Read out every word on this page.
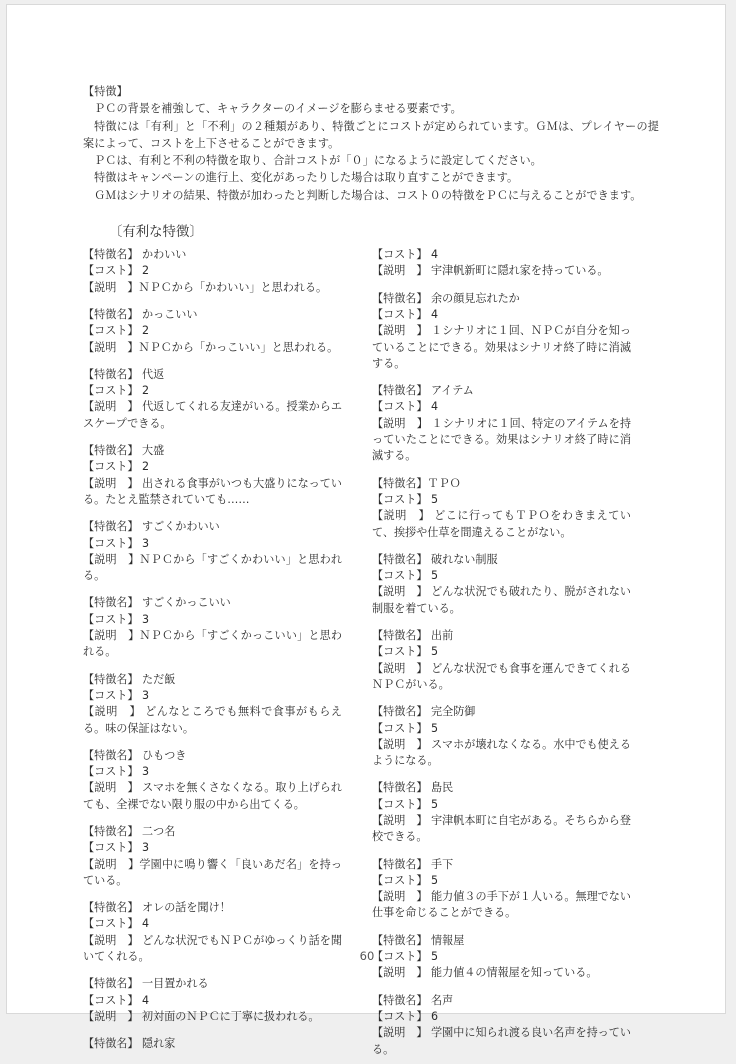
【特徴】

ＰＣの背景を補強して、キャラクターのイメージを膨らませる要素です。

特徴には「有利」と「不利」の２種類があり、特徴ごとにコストが定められています。ＧＭは、プレイヤーの提案によって、コストを上下させることができます。

ＰＣは、有利と不利の特徴を取り、合計コストが「０」になるように設定してください。

特徴はキャンペーンの進行上、変化があったりした場合は取り直すことができます。

ＧＭはシナリオの結果、特徴が加わったと判断した場合は、コスト０の特徴をＰＣに与えることができます。

〔有利な特徴〕
【特徴名】 かわいい
【コスト】 2
【説明　】ＮＰＣから「かわいい」と思われる。
【特徴名】 かっこいい
【コスト】 2
【説明　】ＮＰＣから「かっこいい」と思われる。
【特徴名】 代返
【コスト】 2
【説明　】 代返してくれる友達がいる。授業からエスケープできる。
【特徴名】 大盛
【コスト】 2
【説明　】 出される食事がいつも大盛りになっている。たとえ監禁されていても……
【特徴名】 すごくかわいい
【コスト】 3
【説明　】ＮＰＣから「すごくかわいい」と思われる。
【特徴名】 すごくかっこいい
【コスト】 3
【説明　】ＮＰＣから「すごくかっこいい」と思われる。
【特徴名】 ただ飯
【コスト】 3
【説明　】 どんなところでも無料で食事がもらえる。味の保証はない。
【特徴名】 ひもつき
【コスト】 3
【説明　】 スマホを無くさなくなる。取り上げられても、全裸でない限り服の中から出てくる。
【特徴名】 二つ名
【コスト】 3
【説明　】学園中に鳴り響く「良いあだ名」を持っている。
【特徴名】 オレの話を聞け！
【コスト】 4
【説明　】 どんな状況でもＮＰＣがゆっくり話を聞いてくれる。
【特徴名】 一目置かれる
【コスト】 4
【説明　】 初対面のＮＰＣに丁寧に扱われる。
【特徴名】 隠れ家
【コスト】 4
【説明　】 宇津帆新町に隠れ家を持っている。
【特徴名】 余の顔見忘れたか
【コスト】 4
【説明　】 １シナリオに１回、ＮＰＣが自分を知っていることにできる。効果はシナリオ終了時に消滅する。
【特徴名】 アイテム
【コスト】 4
【説明　】 １シナリオに１回、特定のアイテムを持っていたことにできる。効果はシナリオ終了時に消滅する。
【特徴名】ＴＰＯ
【コスト】 5
【説明　】 どこに行ってもＴＰＯをわきまえていて、挨拶や仕草を間違えることがない。
【特徴名】 破れない制服
【コスト】 5
【説明　】 どんな状況でも破れたり、脱がされない制服を着ている。
【特徴名】 出前
【コスト】 5
【説明　】 どんな状況でも食事を運んできてくれるＮＰＣがいる。
【特徴名】 完全防御
【コスト】 5
【説明　】 スマホが壊れなくなる。水中でも使えるようになる。
【特徴名】 島民
【コスト】 5
【説明　】 宇津帆本町に自宅がある。そちらから登校できる。
【特徴名】 手下
【コスト】 5
【説明　】 能力値３の手下が１人いる。無理でない仕事を命じることができる。
【特徴名】 情報屋
【コスト】 5
【説明　】 能力値４の情報屋を知っている。
【特徴名】 名声
【コスト】 6
【説明　】 学園中に知られ渡る良い名声を持っている。
60
